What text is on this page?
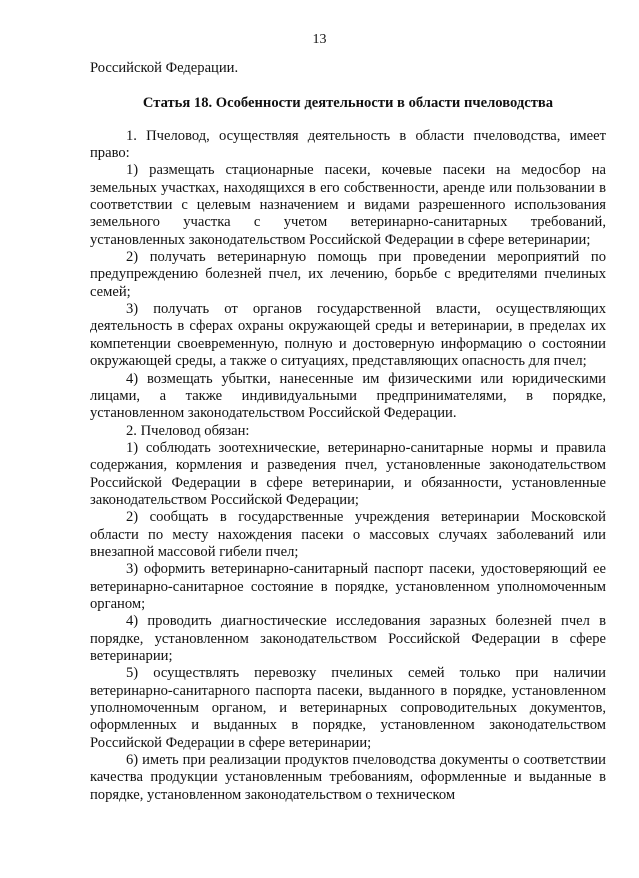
13

Российской Федерации.

Статья 18. Особенности деятельности в области пчеловодства

1. Пчеловод, осуществляя деятельность в области пчеловодства, имеет право:

1) размещать стационарные пасеки, кочевые пасеки на медосбор на земельных участках, находящихся в его собственности, аренде или пользовании в соответствии с целевым назначением и видами разрешенного использования земельного участка с учетом ветеринарно-санитарных требований, установленных законодательством Российской Федерации в сфере ветеринарии;

2) получать ветеринарную помощь при проведении мероприятий по предупреждению болезней пчел, их лечению, борьбе с вредителями пчелиных семей;

3) получать от органов государственной власти, осуществляющих деятельность в сферах охраны окружающей среды и ветеринарии, в пределах их компетенции своевременную, полную и достоверную информацию о состоянии окружающей среды, а также о ситуациях, представляющих опасность для пчел;

4) возмещать убытки, нанесенные им физическими или юридическими лицами, а также индивидуальными предпринимателями, в порядке, установленном законодательством Российской Федерации.

2. Пчеловод обязан:

1) соблюдать зоотехнические, ветеринарно-санитарные нормы и правила содержания, кормления и разведения пчел, установленные законодательством Российской Федерации в сфере ветеринарии, и обязанности, установленные законодательством Российской Федерации;

2) сообщать в государственные учреждения ветеринарии Московской области по месту нахождения пасеки о массовых случаях заболеваний или внезапной массовой гибели пчел;

3) оформить ветеринарно-санитарный паспорт пасеки, удостоверяющий ее ветеринарно-санитарное состояние в порядке, установленном уполномоченным органом;

4) проводить диагностические исследования заразных болезней пчел в порядке, установленном законодательством Российской Федерации в сфере ветеринарии;

5) осуществлять перевозку пчелиных семей только при наличии ветеринарно-санитарного паспорта пасеки, выданного в порядке, установленном уполномоченным органом, и ветеринарных сопроводительных документов, оформленных и выданных в порядке, установленном законодательством Российской Федерации в сфере ветеринарии;

6) иметь при реализации продуктов пчеловодства документы о соответствии качества продукции установленным требованиям, оформленные и выданные в порядке, установленном законодательством о техническом
